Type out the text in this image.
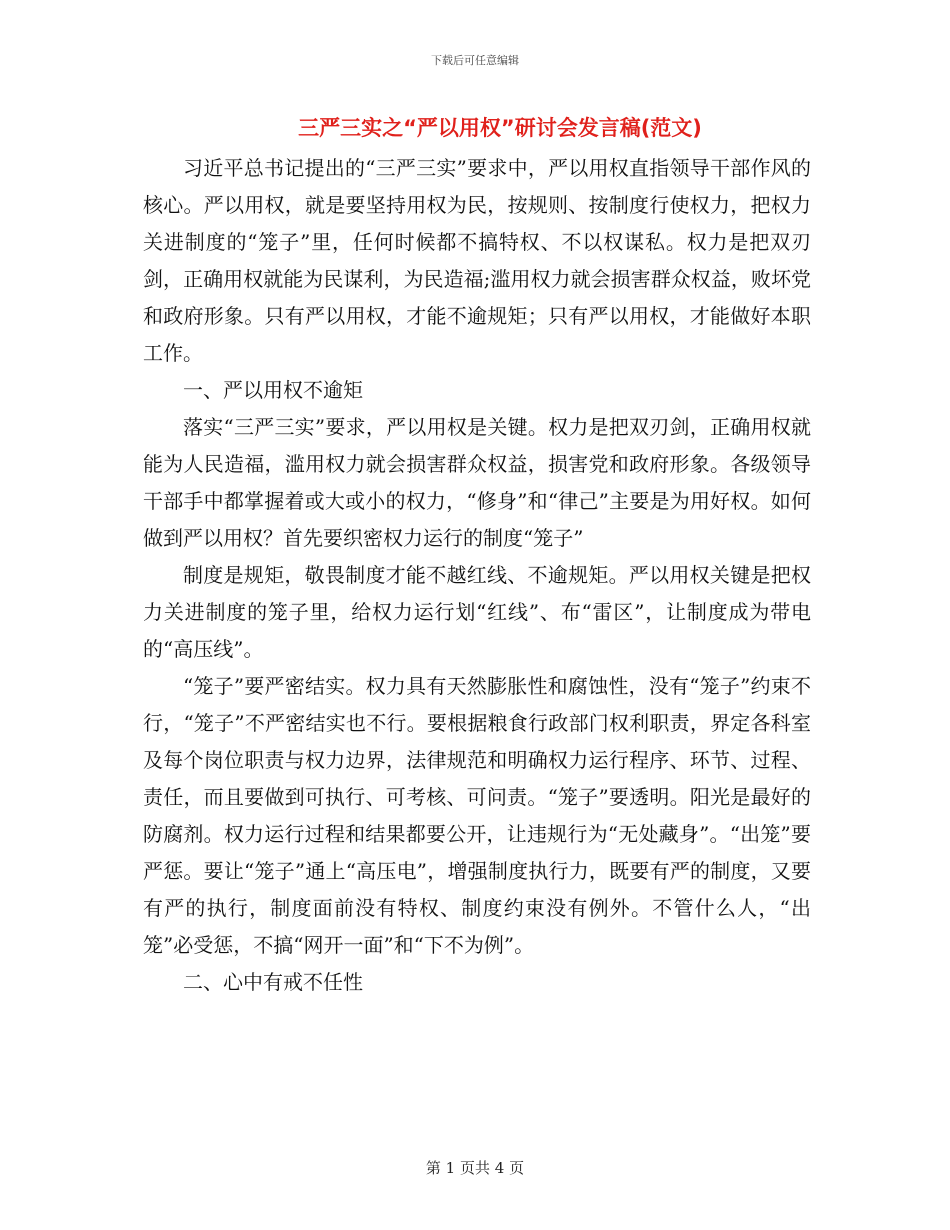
下载后可任意编辑
三严三实之“严以用权”研讨会发言稿(范文)

习近平总书记提出的“三严三实”要求中，严以用权直指领导干部作风的核心。严以用权，就是要坚持用权为民，按规则、按制度行使权力，把权力关进制度的“笼子”里，任何时候都不搞特权、不以权谋私。权力是把双刃剑，正确用权就能为民谋利，为民造福;滥用权力就会损害群众权益，败坏党和政府形象。只有严以用权，才能不逾规矩；只有严以用权，才能做好本职工作。

一、严以用权不逾矩

落实“三严三实”要求，严以用权是关键。权力是把双刃剑，正确用权就能为人民造福，滥用权力就会损害群众权益，损害党和政府形象。各级领导干部手中都掌握着或大或小的权力，“修身”和“律己”主要是为用好权。如何做到严以用权？首先要织密权力运行的制度“笼子”

制度是规矩，敬畏制度才能不越红线、不逾规矩。严以用权关键是把权力关进制度的笼子里，给权力运行划“红线”、布“雷区”，让制度成为带电的“高压线”。

“笼子”要严密结实。权力具有天然膨胀性和腐蚀性，没有“笼子”约束不行，“笼子”不严密结实也不行。要根据粮食行政部门权利职责，界定各科室及每个岗位职责与权力边界，法律规范和明确权力运行程序、环节、过程、责任，而且要做到可执行、可考核、可问责。“笼子”要透明。阳光是最好的防腐剂。权力运行过程和结果都要公开，让违规行为“无处藏身”。“出笼”要严惩。要让“笼子”通上“高压电”，增强制度执行力，既要有严的制度，又要有严的执行，制度面前没有特权、制度约束没有例外。不管什么人，“出笼”必受惩，不搞“网开一面”和“下不为例”。

二、心中有戒不任性

第 1 页共 4 页
